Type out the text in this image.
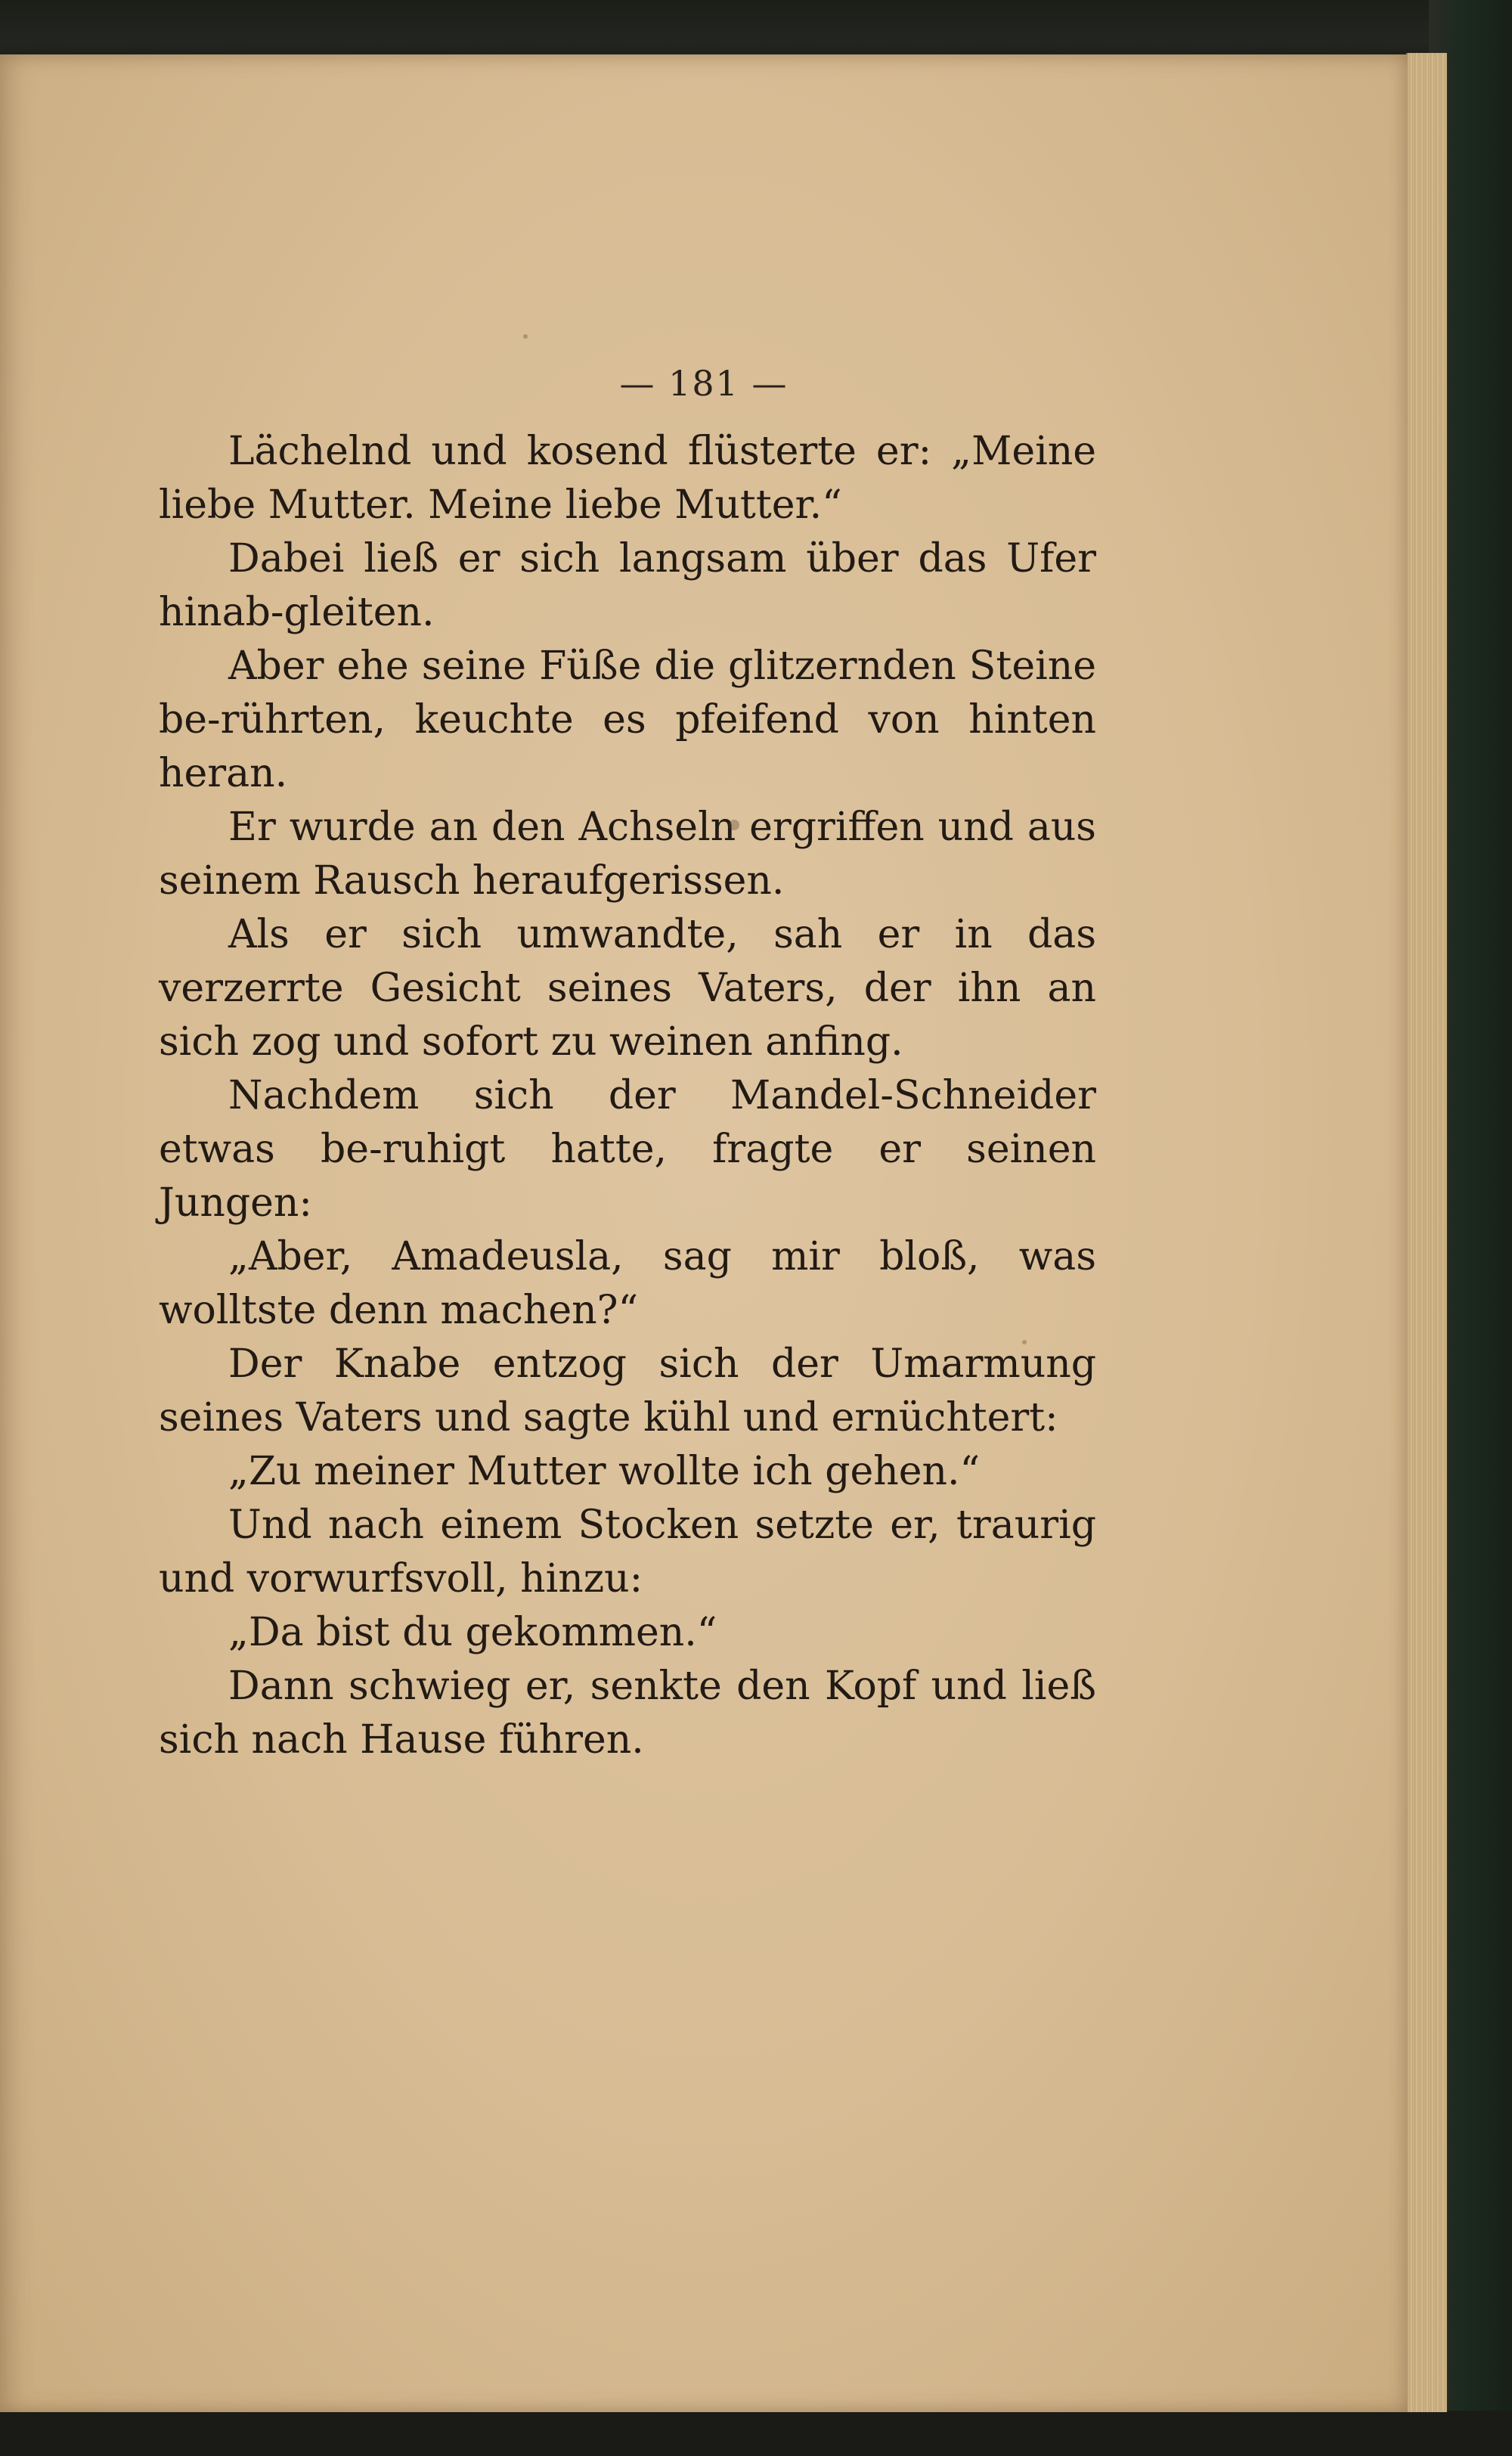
— 181 —

Lächelnd und kosend flüsterte er: „Meine liebe Mutter. Meine liebe Mutter.“

Dabei ließ er sich langsam über das Ufer hinab-gleiten.

Aber ehe seine Füße die glitzernden Steine be-rührten, keuchte es pfeifend von hinten heran.

Er wurde an den Achseln ergriffen und aus seinem Rausch heraufgerissen.

Als er sich umwandte, sah er in das verzerrte Gesicht seines Vaters, der ihn an sich zog und sofort zu weinen anfing.

Nachdem sich der Mandel-Schneider etwas be-ruhigt hatte, fragte er seinen Jungen:

„Aber, Amadeusla, sag mir bloß, was wolltste denn machen?“

Der Knabe entzog sich der Umarmung seines Vaters und sagte kühl und ernüchtert:

„Zu meiner Mutter wollte ich gehen.“

Und nach einem Stocken setzte er, traurig und vorwurfsvoll, hinzu:

„Da bist du gekommen.“

Dann schwieg er, senkte den Kopf und ließ sich nach Hause führen.
